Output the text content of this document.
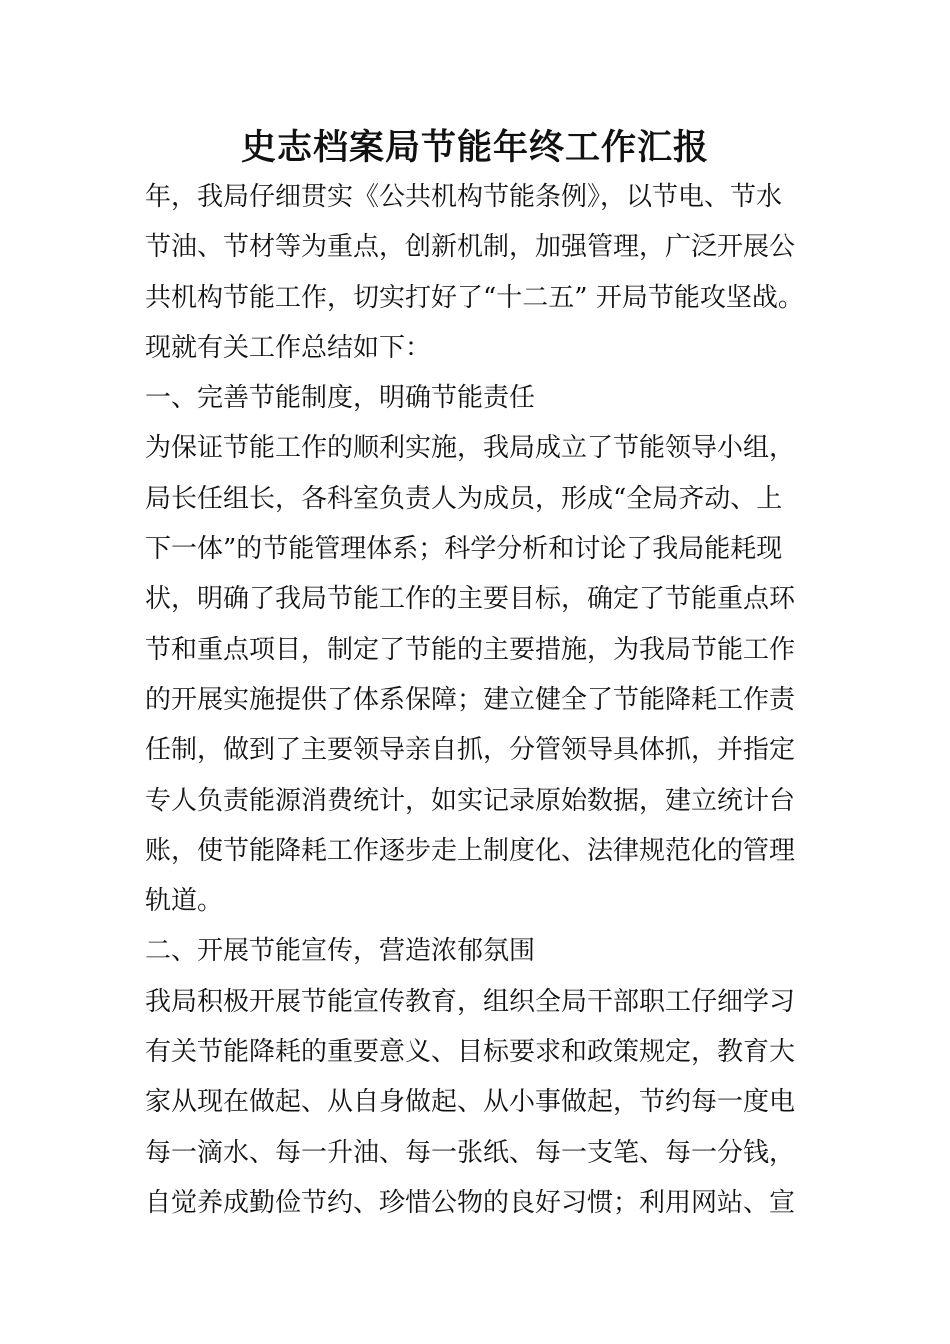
史志档案局节能年终工作汇报
年，我局仔细贯实《公共机构节能条例》，以节电、节水
节油、节材等为重点，创新机制，加强管理，广泛开展公
共机构节能工作，切实打好了“十二五” 开局节能攻坚战。
现就有关工作总结如下：
一、完善节能制度，明确节能责任
为保证节能工作的顺利实施，我局成立了节能领导小组，
局长任组长，各科室负责人为成员，形成“全局齐动、上
下一体”的节能管理体系；科学分析和讨论了我局能耗现
状，明确了我局节能工作的主要目标，确定了节能重点环
节和重点项目，制定了节能的主要措施，为我局节能工作
的开展实施提供了体系保障；建立健全了节能降耗工作责
任制，做到了主要领导亲自抓，分管领导具体抓，并指定
专人负责能源消费统计，如实记录原始数据，建立统计台
账，使节能降耗工作逐步走上制度化、法律规范化的管理
轨道。
二、开展节能宣传，营造浓郁氛围
我局积极开展节能宣传教育，组织全局干部职工仔细学习
有关节能降耗的重要意义、目标要求和政策规定，教育大
家从现在做起、从自身做起、从小事做起，节约每一度电
每一滴水、每一升油、每一张纸、每一支笔、每一分钱，
自觉养成勤俭节约、珍惜公物的良好习惯；利用网站、宣
